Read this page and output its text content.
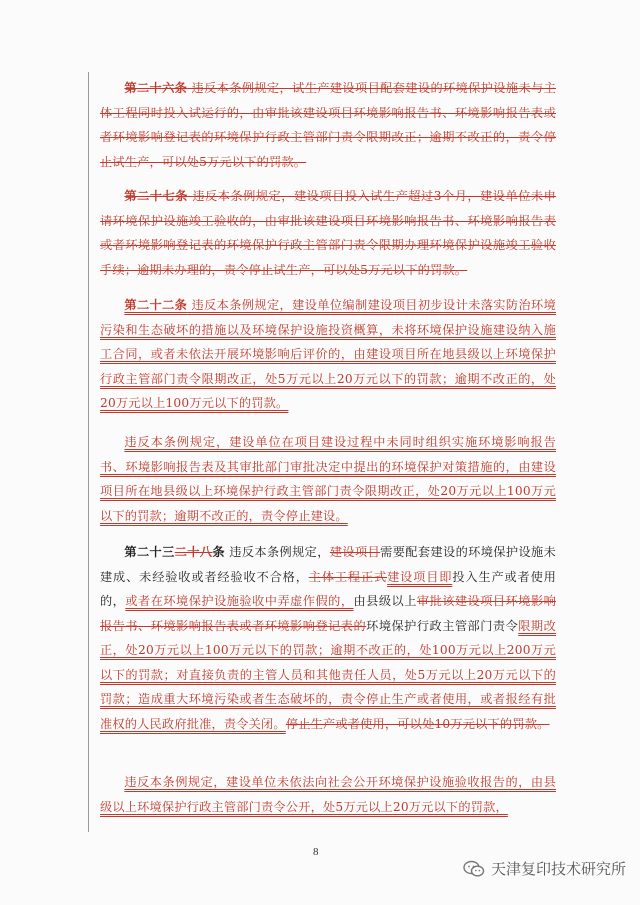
第二十六条 违反本条例规定，试生产建设项目配套建设的环境保护设施未与主体工程同时投入试运行的，由审批该建设项目环境影响报告书、环境影响报告表或者环境影响登记表的环境保护行政主管部门责令限期改正；逾期不改正的，责令停止试生产，可以处5万元以下的罚款。

第二十七条 违反本条例规定，建设项目投入试生产超过3个月，建设单位未申请环境保护设施竣工验收的，由审批该建设项目环境影响报告书、环境影响报告表或者环境影响登记表的环境保护行政主管部门责令限期办理环境保护设施竣工验收手续；逾期未办理的，责令停止试生产，可以处5万元以下的罚款。

第二十二条 违反本条例规定，建设单位编制建设项目初步设计未落实防治环境污染和生态破坏的措施以及环境保护设施投资概算，未将环境保护设施建设纳入施工合同，或者未依法开展环境影响后评价的，由建设项目所在地县级以上环境保护行政主管部门责令限期改正，处5万元以上20万元以下的罚款；逾期不改正的，处20万元以上100万元以下的罚款。

违反本条例规定，建设单位在项目建设过程中未同时组织实施环境影响报告书、环境影响报告表及其审批部门审批决定中提出的环境保护对策措施的，由建设项目所在地县级以上环境保护行政主管部门责令限期改正，处20万元以上100万元以下的罚款；逾期不改正的，责令停止建设。

第二十三二十八条 违反本条例规定，建设项目需要配套建设的环境保护设施未建成、未经验收或者经验收不合格，主体工程正式建设项目即投入生产或者使用的，或者在环境保护设施验收中弄虚作假的，由县级以上审批该建设项目环境影响报告书、环境影响报告表或者环境影响登记表的环境保护行政主管部门责令限期改正，处20万元以上100万元以下的罚款；逾期不改正的，处100万元以上200万元以下的罚款；对直接负责的主管人员和其他责任人员，处5万元以上20万元以下的罚款；造成重大环境污染或者生态破坏的，责令停止生产或者使用，或者报经有批准权的人民政府批准，责令关闭。停止生产或者使用，可以处10万元以下的罚款。

违反本条例规定，建设单位未依法向社会公开环境保护设施验收报告的，由县级以上环境保护行政主管部门责令公开，处5万元以上20万元以下的罚款，

8
天津复印技术研究所
